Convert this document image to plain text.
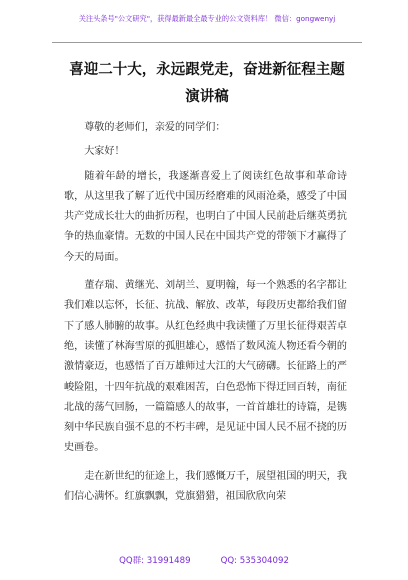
关注头条号"公文研究"，获得最新最全最专业的公文资料库！ 微信：gongwenyj
喜迎二十大，永远跟党走，奋进新征程主题演讲稿

尊敬的老师们，亲爱的同学们：

大家好！

随着年龄的增长，我逐渐喜爱上了阅读红色故事和革命诗歌，从这里我了解了近代中国历经磨难的风雨沧桑，感受了中国共产党成长壮大的曲折历程，也明白了中国人民前赴后继英勇抗争的热血豪情。无数的中国人民在中国共产党的带领下才赢得了今天的局面。

董存瑞、黄继光、刘胡兰、夏明翰，每一个熟悉的名字都让我们难以忘怀，长征、抗战、解放、改革，每段历史都给我们留下了感人肺腑的故事。从红色经典中我读懂了万里长征得艰苦卓绝，读懂了林海雪原的孤胆雄心，感悟了数风流人物还看今朝的激情豪迈，也感悟了百万雄师过大江的大气磅礴。长征路上的严峻险阻，十四年抗战的艰难困苦，白色恐怖下得迂回百转，南征北战的荡气回肠，一篇篇感人的故事，一首首雄壮的诗篇，是镌刻中华民族自强不息的不朽丰碑，是见证中国人民不屈不挠的历史画卷。

走在新世纪的征途上，我们感慨万千，展望祖国的明天，我们信心满怀。红旗飘飘，党旗猎猎，祖国欣欣向荣

QQ群: 31991489	QQ: 535304092
